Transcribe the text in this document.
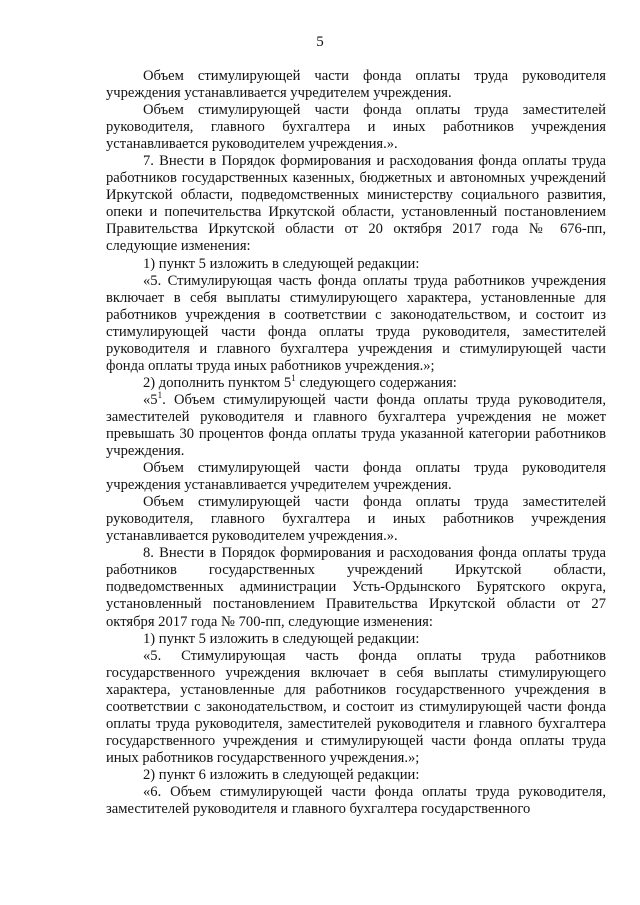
5

Объем стимулирующей части фонда оплаты труда руководителя учреждения устанавливается учредителем учреждения.

Объем стимулирующей части фонда оплаты труда заместителей руководителя, главного бухгалтера и иных работников учреждения устанавливается руководителем учреждения.».

7. Внести в Порядок формирования и расходования фонда оплаты труда работников государственных казенных, бюджетных и автономных учреждений Иркутской области, подведомственных министерству социального развития, опеки и попечительства Иркутской области, установленный постановлением Правительства Иркутской области от 20 октября 2017 года № 676-пп, следующие изменения:

1) пункт 5 изложить в следующей редакции:

«5. Стимулирующая часть фонда оплаты труда работников учреждения включает в себя выплаты стимулирующего характера, установленные для работников учреждения в соответствии с законодательством, и состоит из стимулирующей части фонда оплаты труда руководителя, заместителей руководителя и главного бухгалтера учреждения и стимулирующей части фонда оплаты труда иных работников учреждения.»;

2) дополнить пунктом $5^1$ следующего содержания:

«$5^1$. Объем стимулирующей части фонда оплаты труда руководителя, заместителей руководителя и главного бухгалтера учреждения не может превышать 30 процентов фонда оплаты труда указанной категории работников учреждения.

Объем стимулирующей части фонда оплаты труда руководителя учреждения устанавливается учредителем учреждения.

Объем стимулирующей части фонда оплаты труда заместителей руководителя, главного бухгалтера и иных работников учреждения устанавливается руководителем учреждения.».

8. Внести в Порядок формирования и расходования фонда оплаты труда работников государственных учреждений Иркутской области, подведомственных администрации Усть-Ордынского Бурятского округа, установленный постановлением Правительства Иркутской области от 27 октября 2017 года № 700-пп, следующие изменения:

1) пункт 5 изложить в следующей редакции:

«5. Стимулирующая часть фонда оплаты труда работников государственного учреждения включает в себя выплаты стимулирующего характера, установленные для работников государственного учреждения в соответствии с законодательством, и состоит из стимулирующей части фонда оплаты труда руководителя, заместителей руководителя и главного бухгалтера государственного учреждения и стимулирующей части фонда оплаты труда иных работников государственного учреждения.»;

2) пункт 6 изложить в следующей редакции:

«6. Объем стимулирующей части фонда оплаты труда руководителя, заместителей руководителя и главного бухгалтера государственного
